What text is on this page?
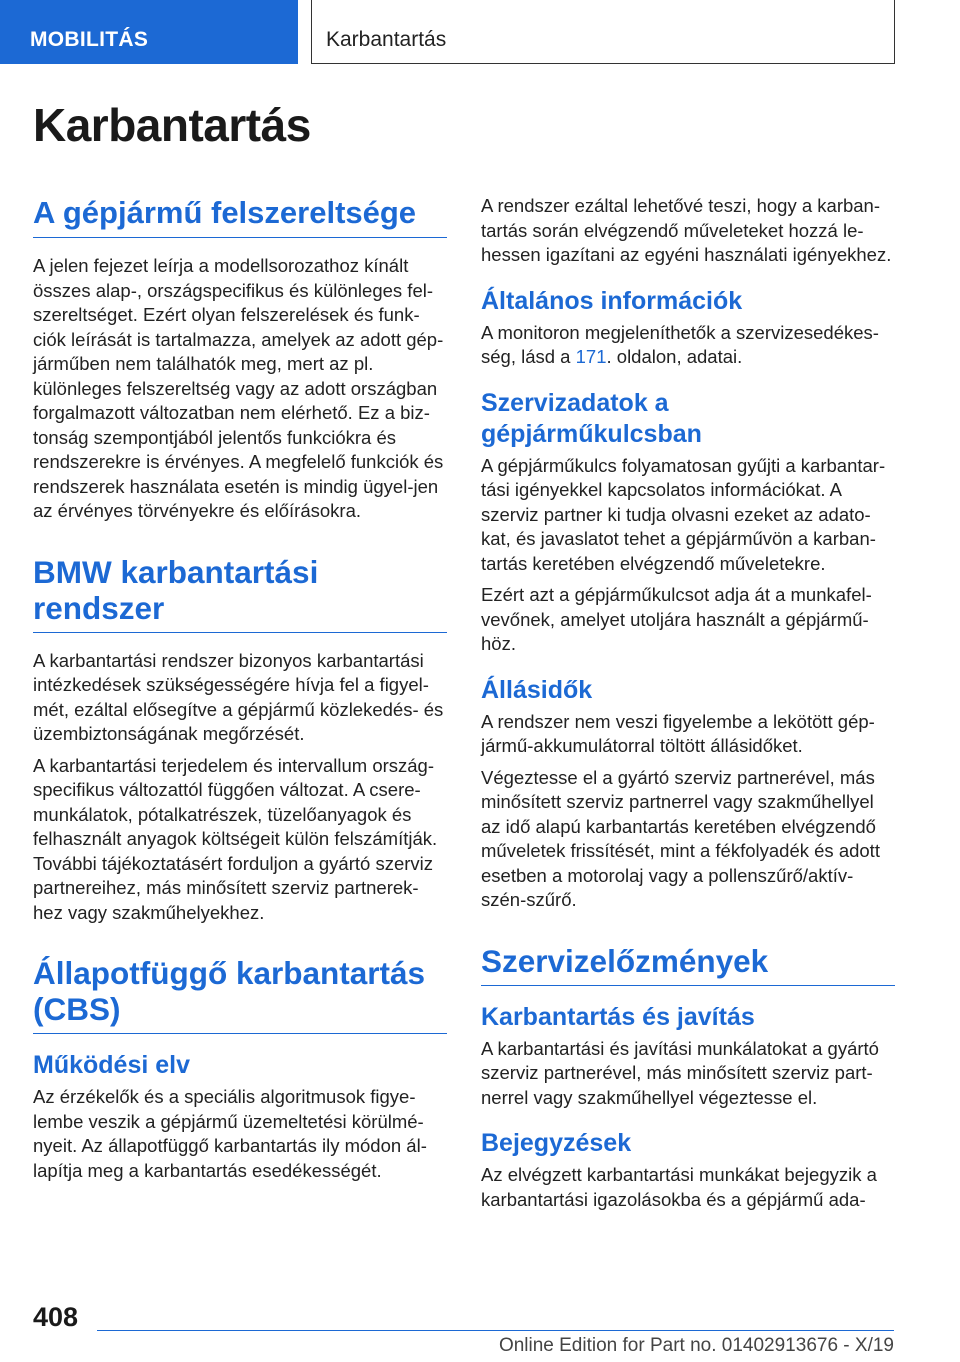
MOBILITÁS	Karbantartás
Karbantartás
A gépjármű felszereltsége

A jelen fejezet leírja a modellsorozathoz kínált összes alap-, országspecifikus és különleges fel-szereltséget. Ezért olyan felszerelések és funk-ciók leírását is tartalmazza, amelyek az adott gép-járműben nem találhatók meg, mert az pl. különleges felszereltség vagy az adott országban forgalmazott változatban nem elérhető. Ez a biz-tonság szempontjából jelentős funkciókra és rendszerekre is érvényes. A megfelelő funkciók és rendszerek használata esetén is mindig ügyel-jen az érvényes törvényekre és előírásokra.

BMW karbantartási rendszer

A karbantartási rendszer bizonyos karbantartási intézkedések szükségességére hívja fel a figyel-mét, ezáltal elősegítve a gépjármű közlekedés- és üzembiztonságának megőrzését.

A karbantartási terjedelem és intervallum ország-specifikus változattól függően változat. A csere-munkálatok, pótalkatrészek, tüzelőanyagok és felhasznált anyagok költségeit külön felszámítják. További tájékoztatásért forduljon a gyártó szerviz partnereihez, más minősített szerviz partnerek-hez vagy szakműhelyekhez.

Állapotfüggő karbantartás (CBS)
Működési elv

Az érzékelők és a speciális algoritmusok figye-lembe veszik a gépjármű üzemeltetési körülmé-nyeit. Az állapotfüggő karbantartás ily módon ál-lapítja meg a karbantartás esedékességét.

A rendszer ezáltal lehetővé teszi, hogy a karban-tartás során elvégzendő műveleteket hozzá le-hessen igazítani az egyéni használati igényekhez.

Általános információk

A monitoron megjeleníthetők a szervizesedékes-ség, lásd a 171. oldalon, adatai.

Szervizadatok a gépjárműkulcsban

A gépjárműkulcs folyamatosan gyűjti a karbantar-tási igényekkel kapcsolatos információkat. A szerviz partner ki tudja olvasni ezeket az adato-kat, és javaslatot tehet a gépjárművön a karban-tartás keretében elvégzendő műveletekre.

Ezért azt a gépjárműkulcsot adja át a munkafel-vevőnek, amelyet utoljára használt a gépjármű-höz.

Állásidők

A rendszer nem veszi figyelembe a lekötött gép-jármű-akkumulátorral töltött állásidőket.

Végeztesse el a gyártó szerviz partnerével, más minősített szerviz partnerrel vagy szakműhellyel az idő alapú karbantartás keretében elvégzendő műveletek frissítését, mint a fékfolyadék és adott esetben a motorolaj vagy a pollenszűrő/aktív-szén-szűrő.

Szervizelőzmények
Karbantartás és javítás

A karbantartási és javítási munkálatokat a gyártó szerviz partnerével, más minősített szerviz part-nerrel vagy szakműhellyel végeztesse el.

Bejegyzések

Az elvégzett karbantartási munkákat bejegyzik a karbantartási igazolásokba és a gépjármű ada-

408
Online Edition for Part no. 01402913676 - X/19
